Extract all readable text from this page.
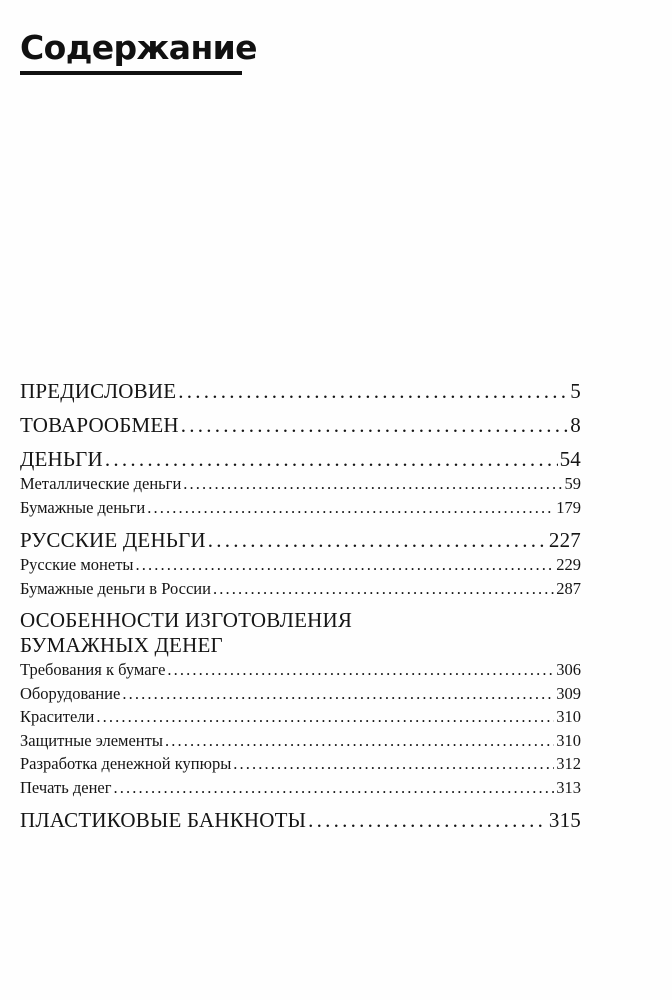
Содержание
ПРЕДИСЛОВИЕ . . .	5
ТОВАРООБМЕН . . .	8
ДЕНЬГИ . . .	54
Металлические деньги . . .	59
Бумажные деньги . . .	179
РУССКИЕ ДЕНЬГИ . . .	227
Русские монеты . . .	229
Бумажные деньги в России . . .	287
ОСОБЕННОСТИ ИЗГОТОВЛЕНИЯ
БУМАЖНЫХ ДЕНЕГ
Требования к бумаге . . .	306
Оборудование . . .	309
Красители . . .	310
Защитные элементы . . .	310
Разработка денежной купюры . . .	312
Печать денег . . .	313
ПЛАСТИКОВЫЕ БАНКНОТЫ . . .	315
